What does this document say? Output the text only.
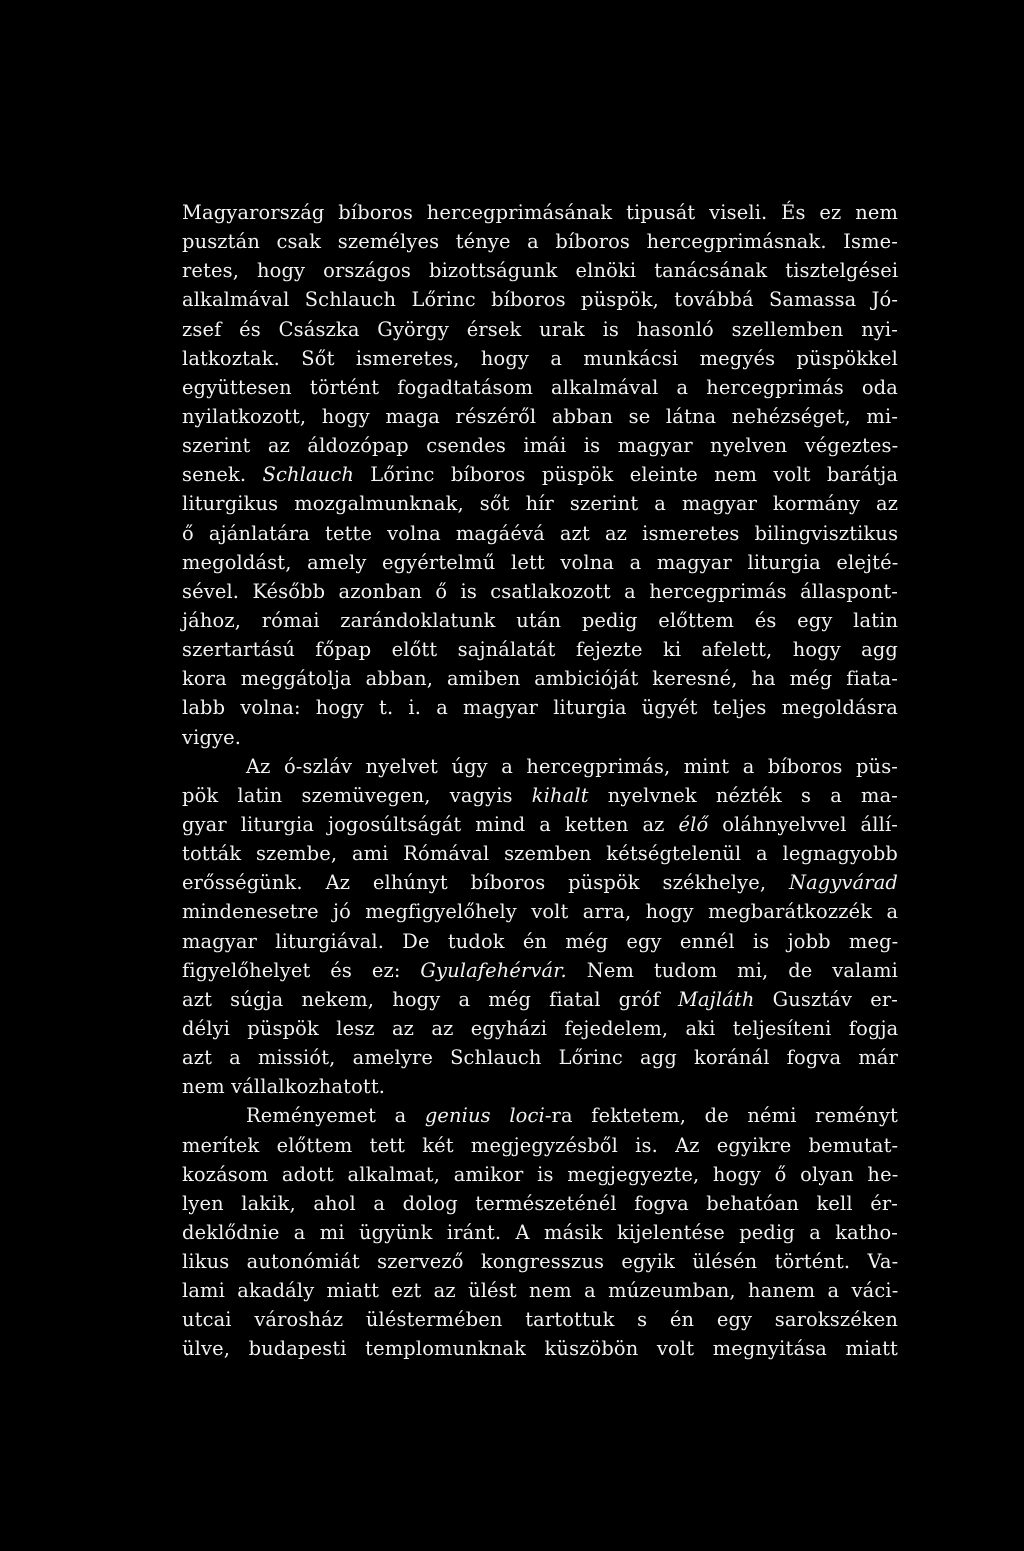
Magyarország bíboros hercegprimásának tipusát viseli. És ez nem
pusztán csak személyes ténye a bíboros hercegprimásnak. Isme-
retes, hogy országos bizottságunk elnöki tanácsának tisztelgései
alkalmával Schlauch Lőrinc bíboros püspök, továbbá Samassa Jó-
zsef és Császka György érsek urak is hasonló szellemben nyi-
latkoztak. Sőt ismeretes, hogy a munkácsi megyés püspökkel
együttesen történt fogadtatásom alkalmával a hercegprimás oda
nyilatkozott, hogy maga részéről abban se látna nehézséget, mi-
szerint az áldozópap csendes imái is magyar nyelven végeztes-
senek. Schlauch Lőrinc bíboros püspök eleinte nem volt barátja
liturgikus mozgalmunknak, sőt hír szerint a magyar kormány az
ő ajánlatára tette volna magáévá azt az ismeretes bilingvisztikus
megoldást, amely egyértelmű lett volna a magyar liturgia elejté-
sével. Később azonban ő is csatlakozott a hercegprimás állaspont-
jához, római zarándoklatunk után pedig előttem és egy latin
szertartású főpap előtt sajnálatát fejezte ki afelett, hogy agg
kora meggátolja abban, amiben ambicióját keresné, ha még fiata-
labb volna: hogy t. i. a magyar liturgia ügyét teljes megoldásra
vigye.
Az ó-szláv nyelvet úgy a hercegprimás, mint a bíboros püs-
pök latin szemüvegen, vagyis kihalt nyelvnek nézték s a ma-
gyar liturgia jogosúltságát mind a ketten az élő oláhnyelvvel állí-
tották szembe, ami Rómával szemben kétségtelenül a legnagyobb
erősségünk. Az elhúnyt bíboros püspök székhelye, Nagyvárad
mindenesetre jó megfigyelőhely volt arra, hogy megbarátkozzék a
magyar liturgiával. De tudok én még egy ennél is jobb meg-
figyelőhelyet és ez: Gyulafehérvár. Nem tudom mi, de valami
azt súgja nekem, hogy a még fiatal gróf Majláth Gusztáv er-
délyi püspök lesz az az egyházi fejedelem, aki teljesíteni fogja
azt a missiót, amelyre Schlauch Lőrinc agg koránál fogva már
nem vállalkozhatott.
Reményemet a genius loci-ra fektetem, de némi reményt
merítek előttem tett két megjegyzésből is. Az egyikre bemutat-
kozásom adott alkalmat, amikor is megjegyezte, hogy ő olyan he-
lyen lakik, ahol a dolog természeténél fogva behatóan kell ér-
deklődnie a mi ügyünk iránt. A másik kijelentése pedig a katho-
likus autonómiát szervező kongresszus egyik ülésén történt. Va-
lami akadály miatt ezt az ülést nem a múzeumban, hanem a váci-
utcai városház üléstermében tartottuk s én egy sarokszéken
ülve, budapesti templomunknak küszöbön volt megnyitása miatt
